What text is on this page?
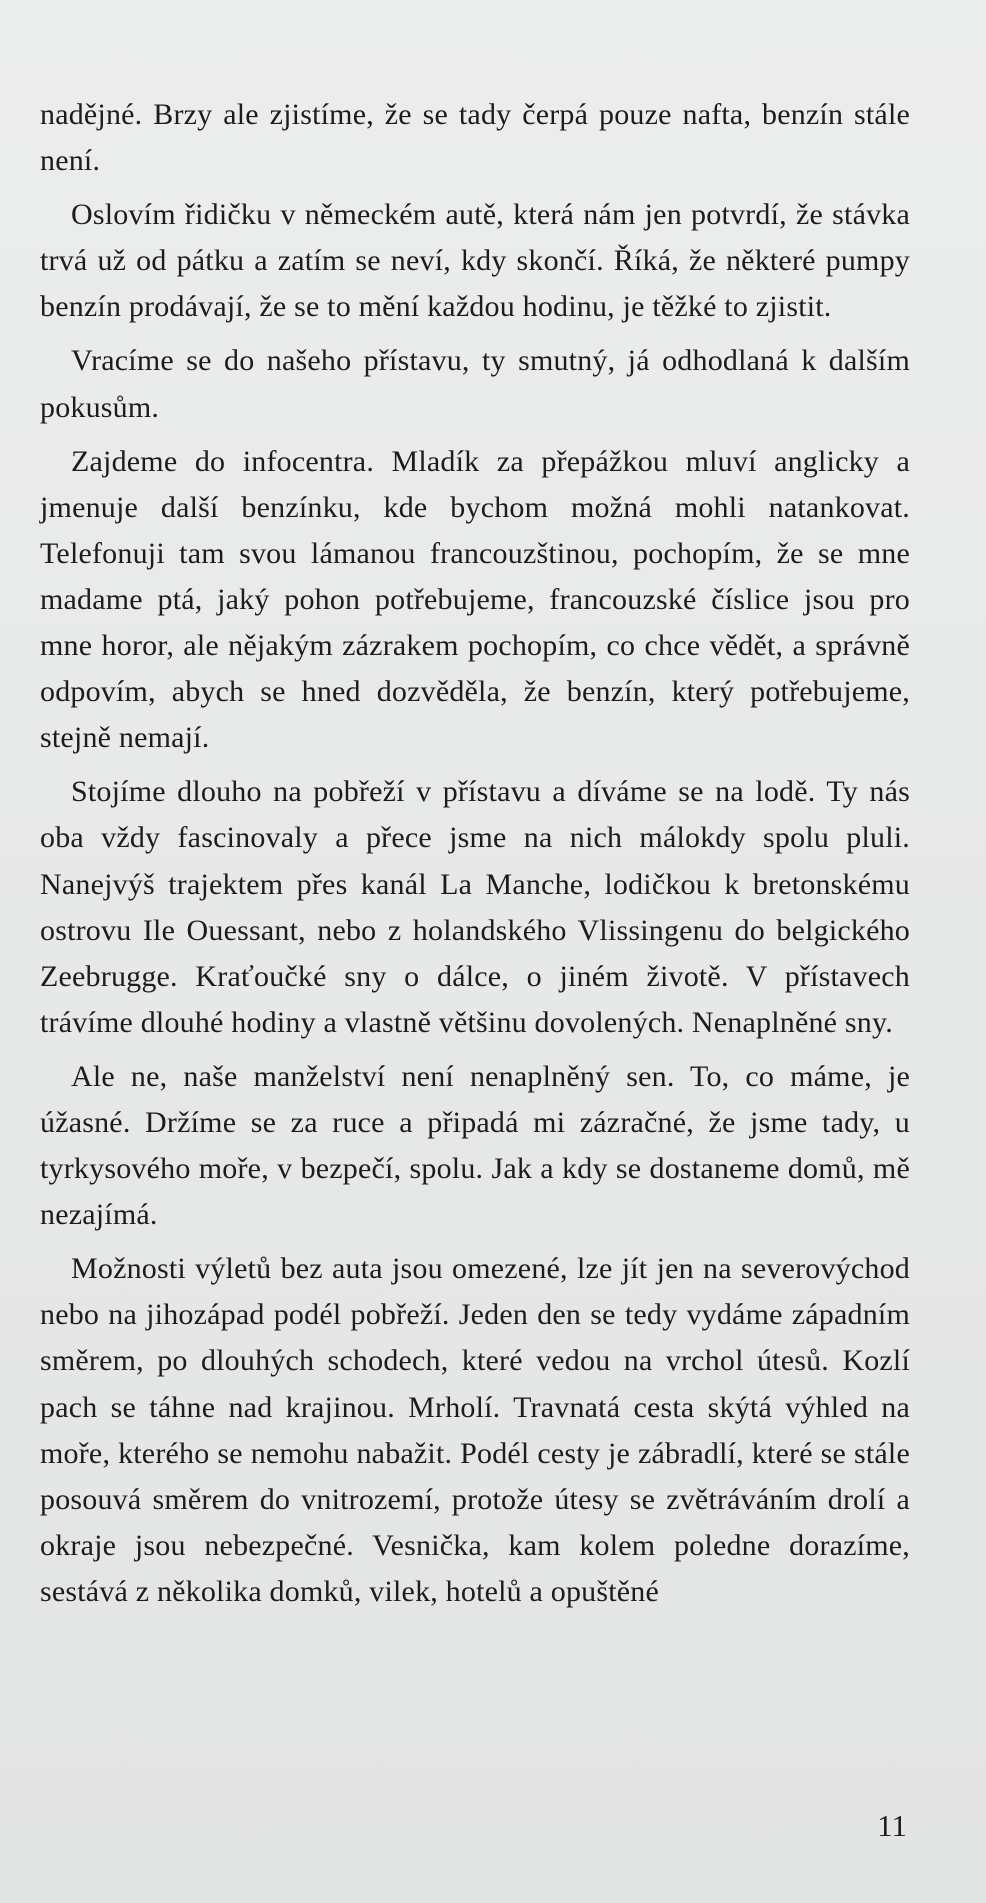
nadějné. Brzy ale zjistíme, že se tady čerpá pouze nafta, benzín stále není.

Oslovím řidičku v německém autě, která nám jen potvrdí, že stávka trvá už od pátku a zatím se neví, kdy skončí. Říká, že některé pumpy benzín prodávají, že se to mění každou hodinu, je těžké to zjistit.

Vracíme se do našeho přístavu, ty smutný, já odhodlaná k dalším pokusům.

Zajdeme do infocentra. Mladík za přepážkou mluví anglicky a jmenuje další benzínku, kde bychom možná mohli natankovat. Telefonuji tam svou lámanou francouzštinou, pochopím, že se mne madame ptá, jaký pohon potřebujeme, francouzské číslice jsou pro mne horor, ale nějakým zázrakem pochopím, co chce vědět, a správně odpovím, abych se hned dozvěděla, že benzín, který potřebujeme, stejně nemají.

Stojíme dlouho na pobřeží v přístavu a díváme se na lodě. Ty nás oba vždy fascinovaly a přece jsme na nich málokdy spolu pluli. Nanejvýš trajektem přes kanál La Manche, lodičkou k bretonskému ostrovu Ile Ouessant, nebo z holandského Vlissingenu do belgického Zeebrugge. Kraťoučké sny o dálce, o jiném životě. V přístavech trávíme dlouhé hodiny a vlastně většinu dovolených. Nenaplněné sny.

Ale ne, naše manželství není nenaplněný sen. To, co máme, je úžasné. Držíme se za ruce a připadá mi zázračné, že jsme tady, u tyrkysového moře, v bezpečí, spolu. Jak a kdy se dostaneme domů, mě nezajímá.

Možnosti výletů bez auta jsou omezené, lze jít jen na severovýchod nebo na jihozápad podél pobřeží. Jeden den se tedy vydáme západním směrem, po dlouhých schodech, které vedou na vrchol útesů. Kozlí pach se táhne nad krajinou. Mrholí. Travnatá cesta skýtá výhled na moře, kterého se nemohu nabažit. Podél cesty je zábradlí, které se stále posouvá směrem do vnitrozemí, protože útesy se zvětráváním drolí a okraje jsou nebezpečné. Vesnička, kam kolem poledne dorazíme, sestává z několika domků, vilek, hotelů a opuštěné

11
